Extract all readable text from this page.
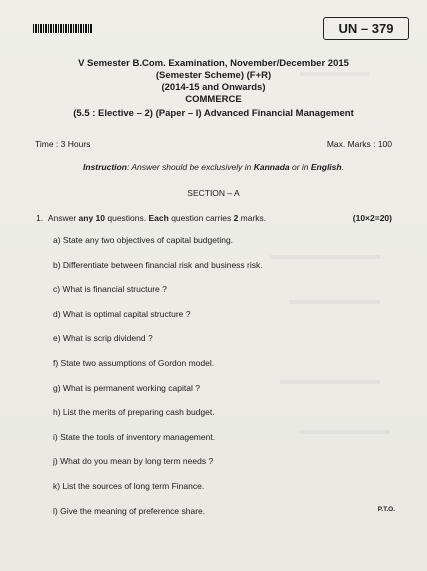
UN – 379
V Semester B.Com. Examination, November/December 2015
(Semester Scheme) (F+R)
(2014-15 and Onwards)
COMMERCE
(5.5 : Elective – 2) (Paper – I) Advanced Financial Management
Time : 3 Hours	Max. Marks : 100
Instruction: Answer should be exclusively in Kannada or in English.
SECTION – A
1. Answer any 10 questions. Each question carries 2 marks.	(10×2=20)
a) State any two objectives of capital budgeting.
b) Differentiate between financial risk and business risk.
c) What is financial structure ?
d) What is optimal capital structure ?
e) What is scrip dividend ?
f) State two assumptions of Gordon model.
g) What is permanent working capital ?
h) List the merits of preparing cash budget.
i) State the tools of inventory management.
j) What do you mean by long term needs ?
k) List the sources of long term Finance.
l) Give the meaning of preference share.	P.T.O.
